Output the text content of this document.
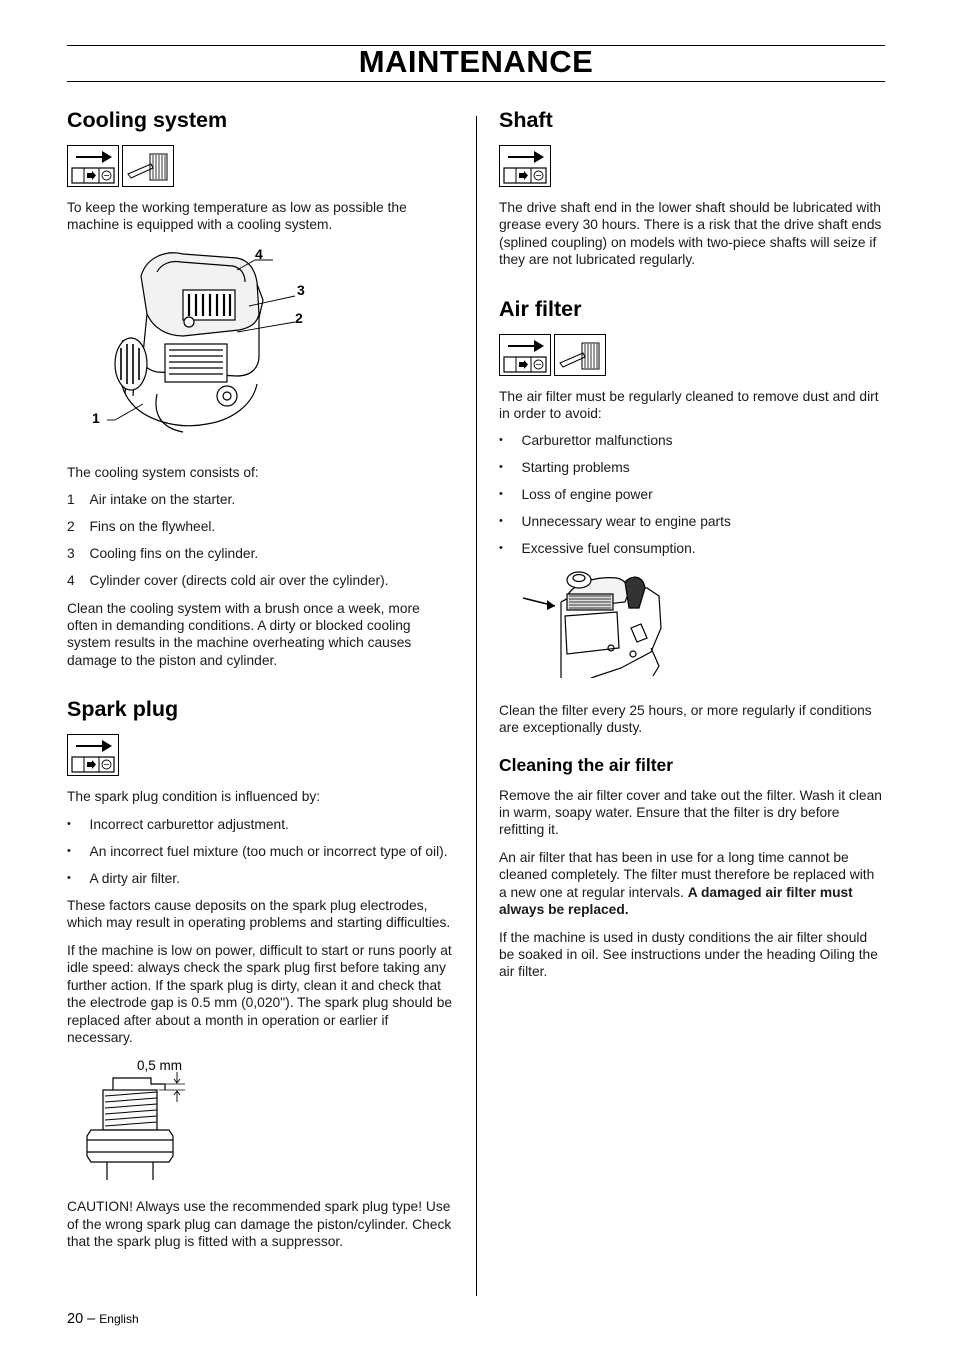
MAINTENANCE
Cooling system

To keep the working temperature as low as possible the machine is equipped with a cooling system.

4
3
2
1

The cooling system consists of:

1 Air intake on the starter.
2 Fins on the flywheel.
3 Cooling fins on the cylinder.
4 Cylinder cover (directs cold air over the cylinder).

Clean the cooling system with a brush once a week, more often in demanding conditions. A dirty or blocked cooling system results in the machine overheating which causes damage to the piston and cylinder.

Spark plug

The spark plug condition is influenced by:

• Incorrect carburettor adjustment.
• An incorrect fuel mixture (too much or incorrect type of oil).
• A dirty air filter.

These factors cause deposits on the spark plug electrodes, which may result in operating problems and starting difficulties.

If the machine is low on power, difficult to start or runs poorly at idle speed: always check the spark plug first before taking any further action. If the spark plug is dirty, clean it and check that the electrode gap is 0.5 mm (0,020"). The spark plug should be replaced after about a month in operation or earlier if necessary.

0,5 mm

CAUTION! Always use the recommended spark plug type! Use of the wrong spark plug can damage the piston/cylinder. Check that the spark plug is fitted with a suppressor.

Shaft

The drive shaft end in the lower shaft should be lubricated with grease every 30 hours. There is a risk that the drive shaft ends (splined coupling) on models with two-piece shafts will seize if they are not lubricated regularly.

Air filter

The air filter must be regularly cleaned to remove dust and dirt in order to avoid:

• Carburettor malfunctions
• Starting problems
• Loss of engine power
• Unnecessary wear to engine parts
• Excessive fuel consumption.

Clean the filter every 25 hours, or more regularly if conditions are exceptionally dusty.

Cleaning the air filter

Remove the air filter cover and take out the filter. Wash it clean in warm, soapy water. Ensure that the filter is dry before refitting it.

An air filter that has been in use for a long time cannot be cleaned completely. The filter must therefore be replaced with a new one at regular intervals. A damaged air filter must always be replaced.

If the machine is used in dusty conditions the air filter should be soaked in oil. See instructions under the heading Oiling the air filter.

20 – English
